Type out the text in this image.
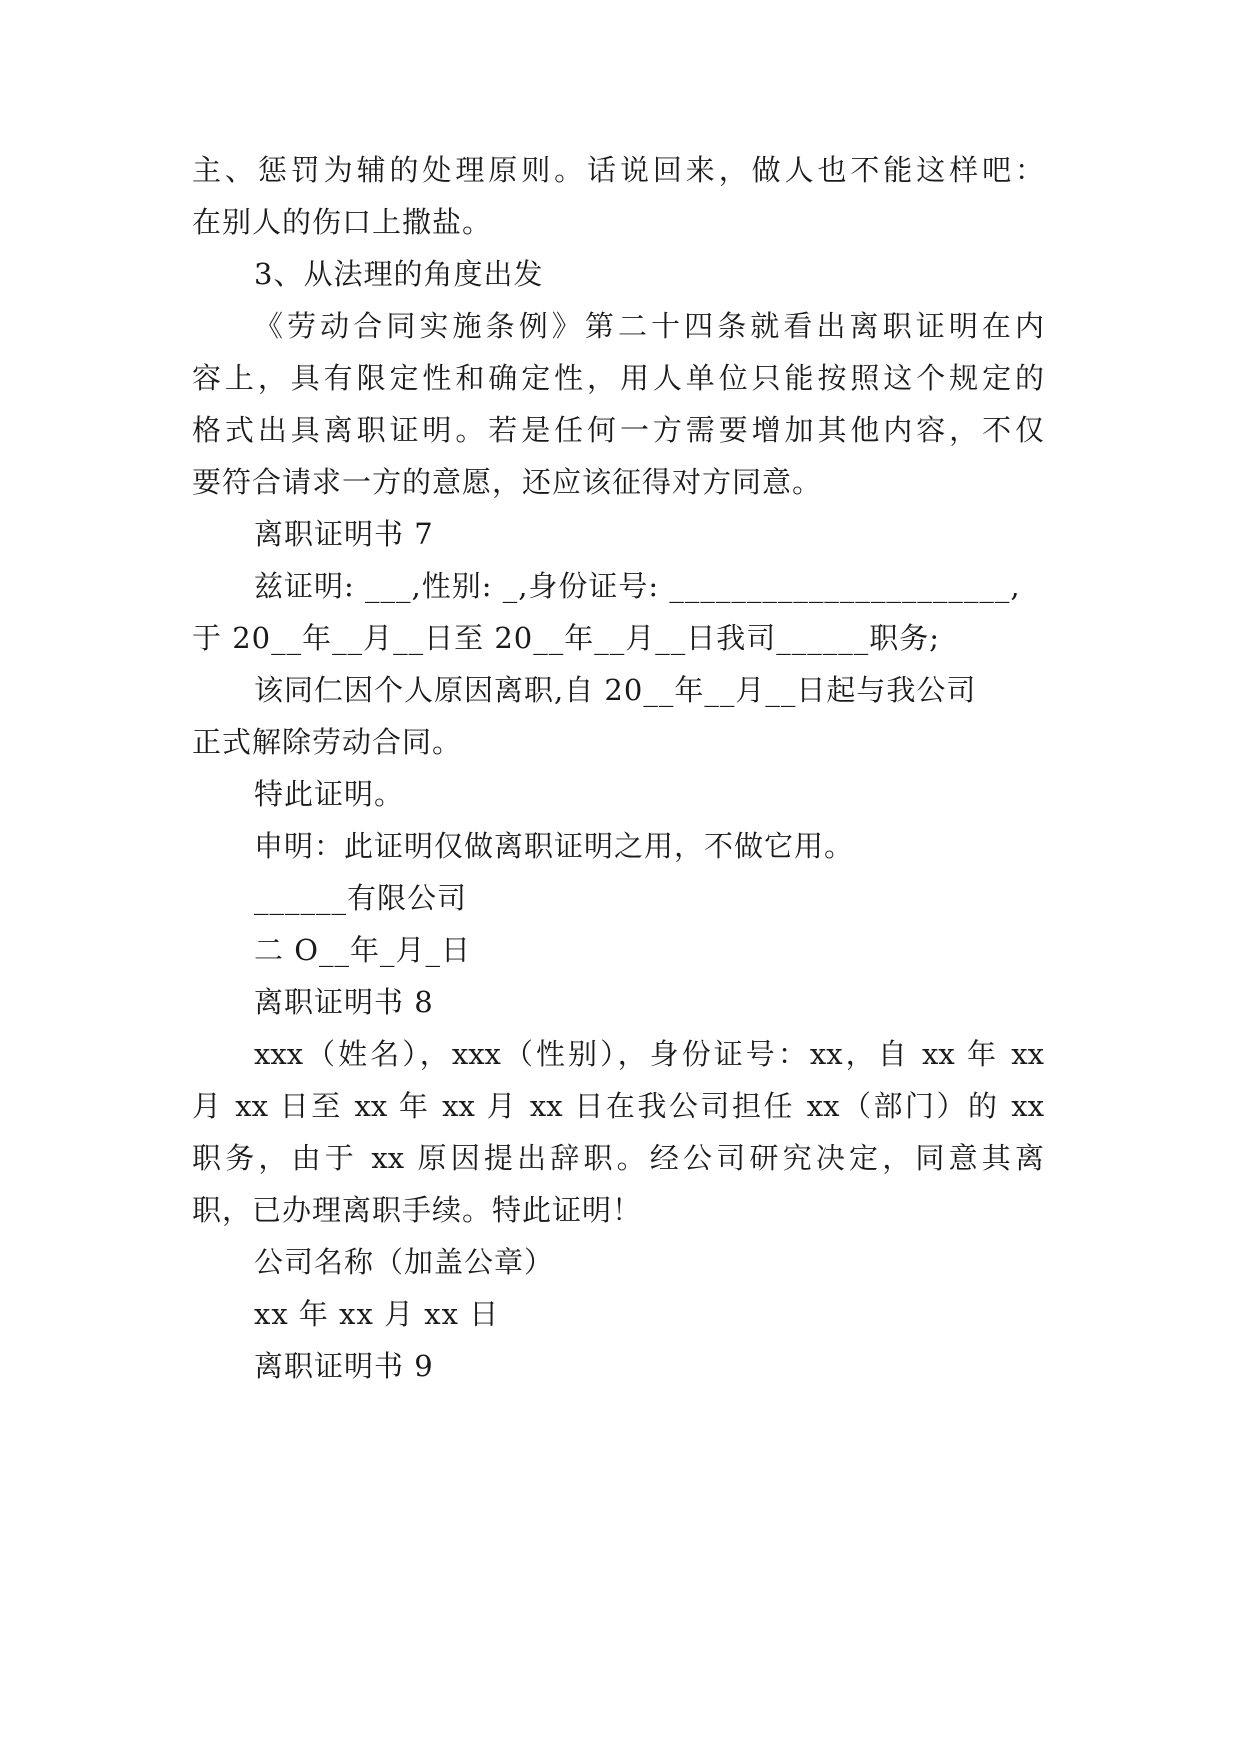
主、惩罚为辅的处理原则。话说回来，做人也不能这样吧：

在别人的伤口上撒盐。

3、从法理的角度出发

《劳动合同实施条例》第二十四条就看出离职证明在内

容上，具有限定性和确定性，用人单位只能按照这个规定的

格式出具离职证明。若是任何一方需要增加其他内容，不仅

要符合请求一方的意愿，还应该征得对方同意。

离职证明书 7

兹证明: ___,性别: _,身份证号: ______________________,

于 20__年__月__日至 20__年__月__日我司______职务;

该同仁因个人原因离职,自 20__年__月__日起与我公司

正式解除劳动合同。

特此证明。

申明：此证明仅做离职证明之用，不做它用。

______有限公司

二 O__年_月_日

离职证明书 8

xxx（姓名），xxx（性别），身份证号：xx，自 xx 年 xx

月 xx 日至 xx 年 xx 月 xx 日在我公司担任 xx（部门）的 xx

职务，由于 xx 原因提出辞职。经公司研究决定，同意其离

职，已办理离职手续。特此证明！

公司名称（加盖公章）

xx 年 xx 月 xx 日

离职证明书 9
